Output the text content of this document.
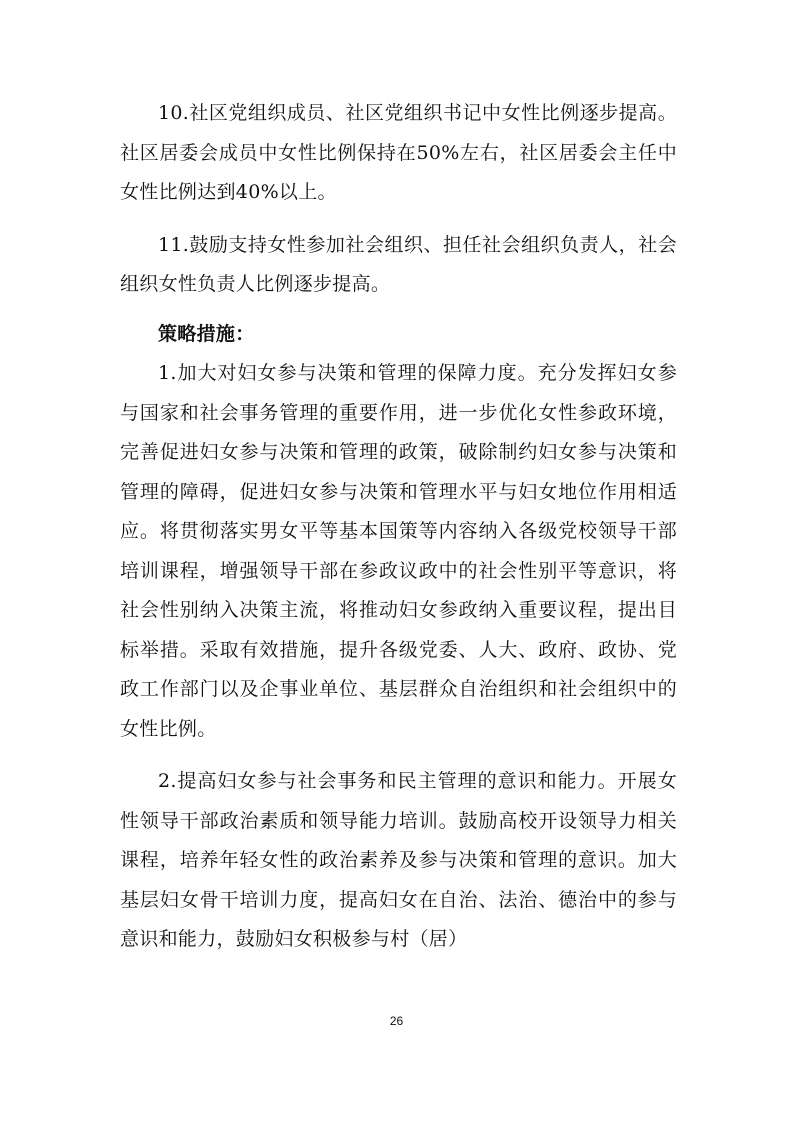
10.社区党组织成员、社区党组织书记中女性比例逐步提高。社区居委会成员中女性比例保持在50%左右，社区居委会主任中女性比例达到40%以上。

11.鼓励支持女性参加社会组织、担任社会组织负责人，社会组织女性负责人比例逐步提高。

策略措施：

1.加大对妇女参与决策和管理的保障力度。充分发挥妇女参与国家和社会事务管理的重要作用，进一步优化女性参政环境，完善促进妇女参与决策和管理的政策，破除制约妇女参与决策和管理的障碍，促进妇女参与决策和管理水平与妇女地位作用相适应。将贯彻落实男女平等基本国策等内容纳入各级党校领导干部培训课程，增强领导干部在参政议政中的社会性别平等意识，将社会性别纳入决策主流，将推动妇女参政纳入重要议程，提出目标举措。采取有效措施，提升各级党委、人大、政府、政协、党政工作部门以及企事业单位、基层群众自治组织和社会组织中的女性比例。

2.提高妇女参与社会事务和民主管理的意识和能力。开展女性领导干部政治素质和领导能力培训。鼓励高校开设领导力相关课程，培养年轻女性的政治素养及参与决策和管理的意识。加大基层妇女骨干培训力度，提高妇女在自治、法治、德治中的参与意识和能力，鼓励妇女积极参与村（居）

26
